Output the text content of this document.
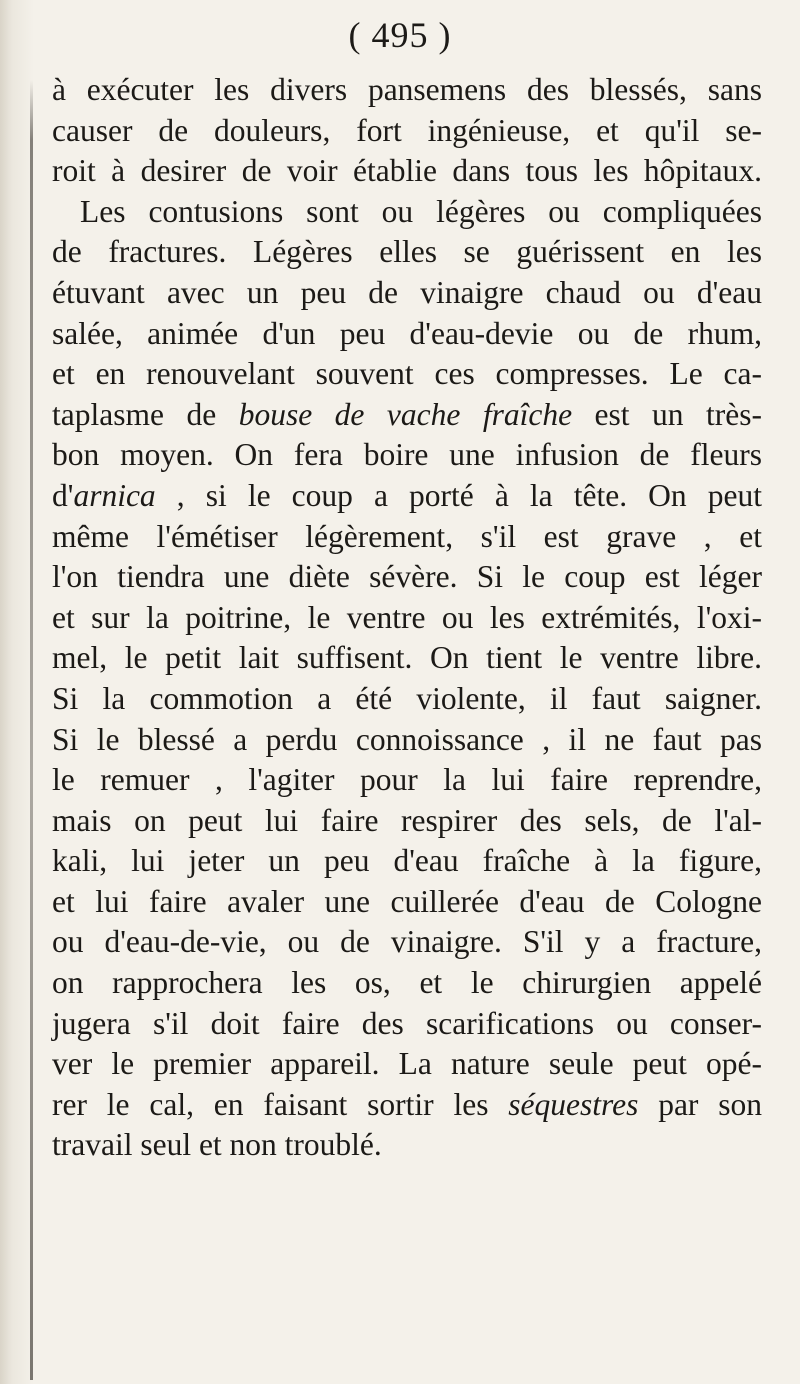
( 495 )
à exécuter les divers pansemens des blessés, sans
causer de douleurs, fort ingénieuse, et qu'il se-
roit à desirer de voir établie dans tous les hôpitaux.
Les contusions sont ou légères ou compliquées
de fractures. Légères elles se guérissent en les
étuvant avec un peu de vinaigre chaud ou d'eau
salée, animée d'un peu d'eau-devie ou de rhum,
et en renouvelant souvent ces compresses. Le ca-
taplasme de bouse de vache fraîche est un très-
bon moyen. On fera boire une infusion de fleurs
d'arnica , si le coup a porté à la tête. On peut
même l'émétiser légèrement, s'il est grave , et
l'on tiendra une diète sévère. Si le coup est léger
et sur la poitrine, le ventre ou les extrémités, l'oxi-
mel, le petit lait suffisent. On tient le ventre libre.
Si la commotion a été violente, il faut saigner.
Si le blessé a perdu connoissance , il ne faut pas
le remuer , l'agiter pour la lui faire reprendre,
mais on peut lui faire respirer des sels, de l'al-
kali, lui jeter un peu d'eau fraîche à la figure,
et lui faire avaler une cuillerée d'eau de Cologne
ou d'eau-de-vie, ou de vinaigre. S'il y a fracture,
on rapprochera les os, et le chirurgien appelé
jugera s'il doit faire des scarifications ou conser-
ver le premier appareil. La nature seule peut opé-
rer le cal, en faisant sortir les séquestres par son
travail seul et non troublé.
